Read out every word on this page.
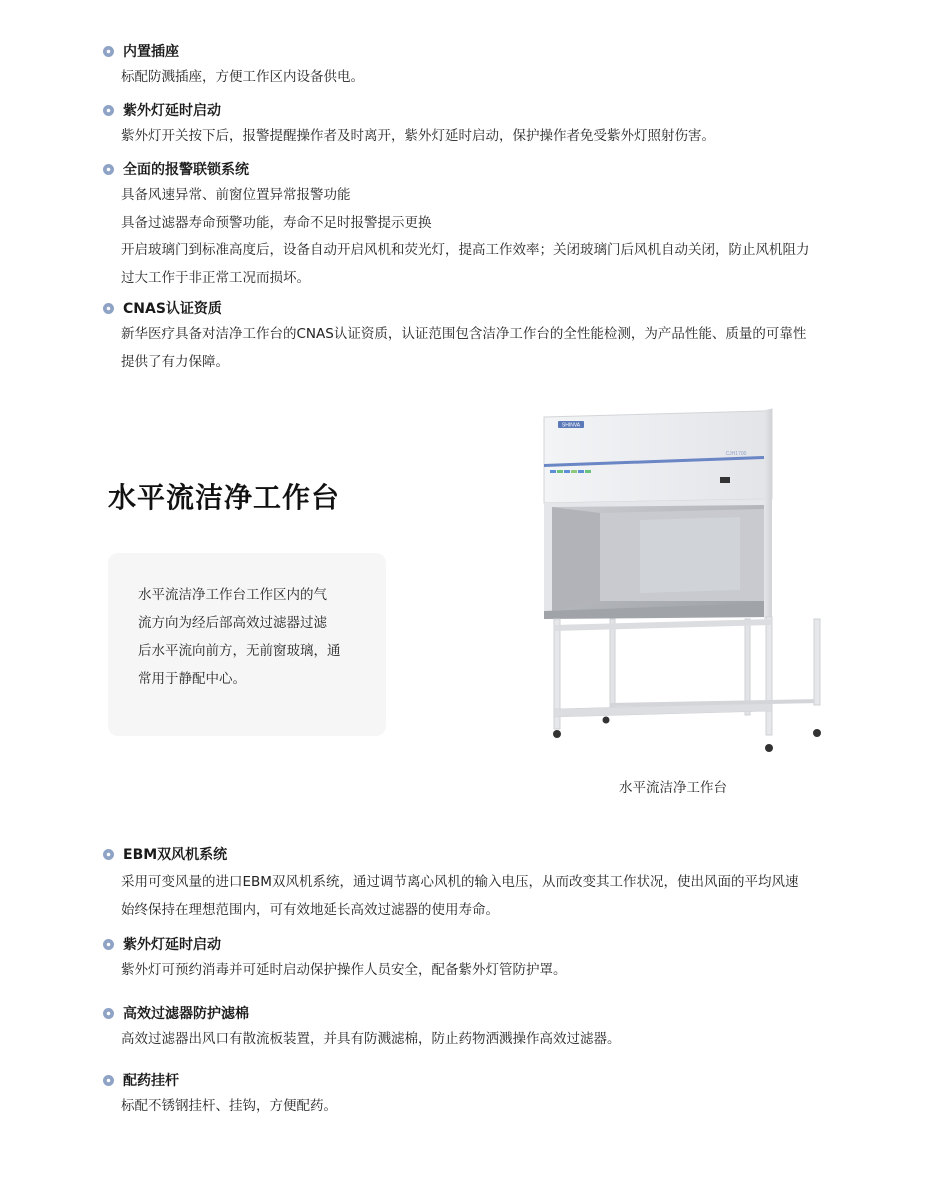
内置插座
标配防溅插座，方便工作区内设备供电。
紫外灯延时启动
紫外灯开关按下后，报警提醒操作者及时离开，紫外灯延时启动，保护操作者免受紫外灯照射伤害。
全面的报警联锁系统
具备风速异常、前窗位置异常报警功能
具备过滤器寿命预警功能，寿命不足时报警提示更换
开启玻璃门到标准高度后，设备自动开启风机和荧光灯，提高工作效率；关闭玻璃门后风机自动关闭，防止风机阻力
过大工作于非正常工况而损坏。
CNAS认证资质
新华医疗具备对洁净工作台的CNAS认证资质，认证范围包含洁净工作台的全性能检测，为产品性能、质量的可靠性
提供了有力保障。
水平流洁净工作台
水平流洁净工作台工作区内的气
流方向为经后部高效过滤器过滤
后水平流向前方，无前窗玻璃，通
常用于静配中心。
SHINVA
CJH1700
水平流洁净工作台
EBM双风机系统
采用可变风量的进口EBM双风机系统，通过调节离心风机的输入电压，从而改变其工作状况，使出风面的平均风速
始终保持在理想范围内，可有效地延长高效过滤器的使用寿命。
紫外灯延时启动
紫外灯可预约消毒并可延时启动保护操作人员安全，配备紫外灯管防护罩。
高效过滤器防护滤棉
高效过滤器出风口有散流板装置，并具有防溅滤棉，防止药物洒溅操作高效过滤器。
配药挂杆
标配不锈钢挂杆、挂钩，方便配药。
